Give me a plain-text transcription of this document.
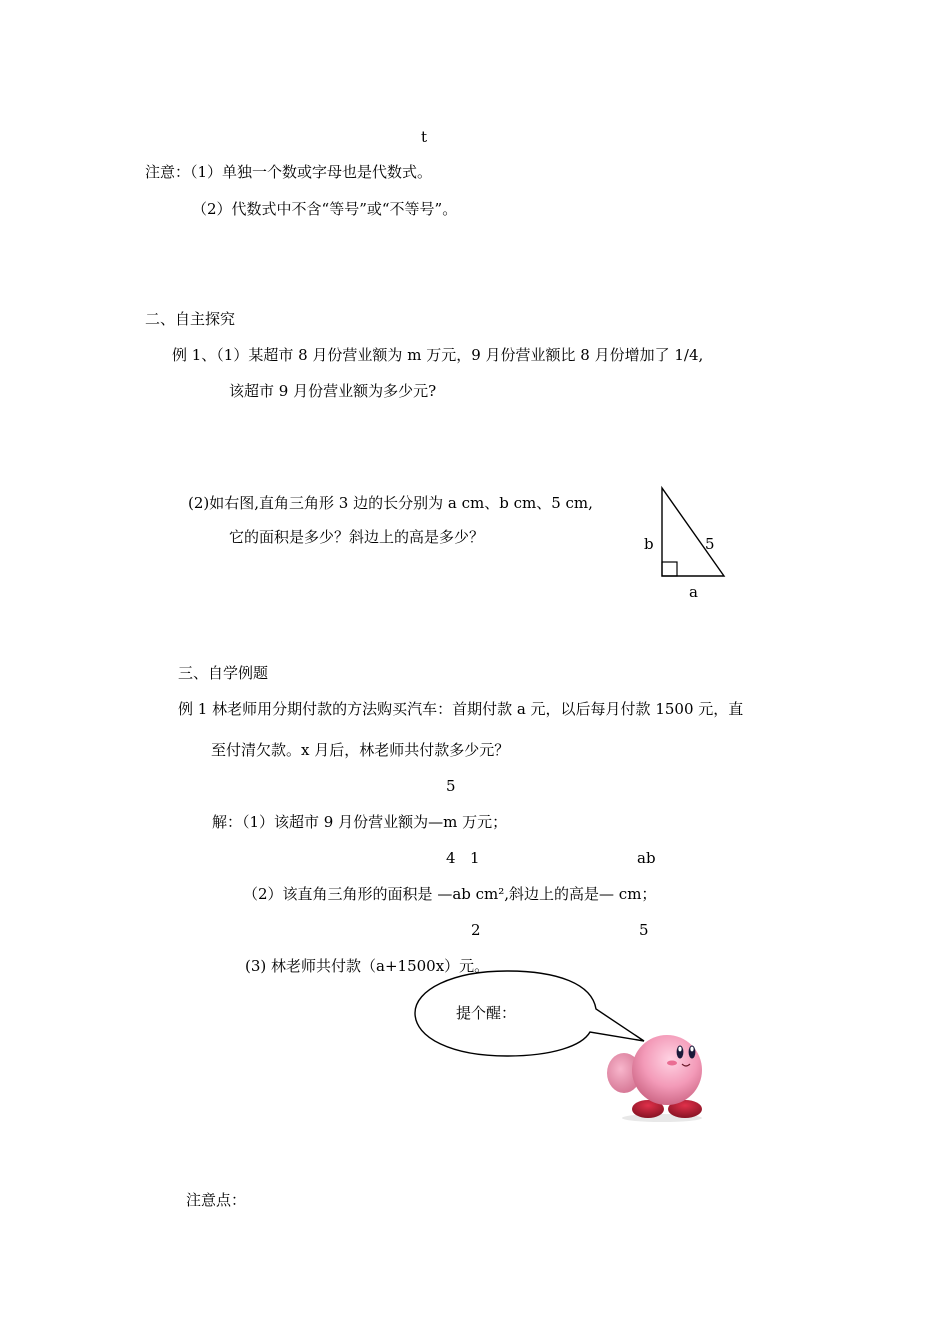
t
注意：（1）单独一个数或字母也是代数式。
（2）代数式中不含“等号”或“不等号”。
二、自主探究
例 1、（1）某超市 8 月份营业额为 m 万元，9 月份营业额比 8 月份增加了 1/4,
该超市 9 月份营业额为多少元?
(2)如右图,直角三角形 3 边的长分别为 a cm、b cm、5 cm,
它的面积是多少？斜边上的高是多少？	b	5
a
三、自学例题
例 1 林老师用分期付款的方法购买汽车：首期付款 a 元，以后每月付款 1500 元，直
至付清欠款。x 月后，林老师共付款多少元？
5
解：（1）该超市 9 月份营业额为—m 万元；
4 1	ab
（2）该直角三角形的面积是 —ab cm²,斜边上的高是— cm；
2	5
(3) 林老师共付款（a+1500x）元。
提个醒：
注意点：
